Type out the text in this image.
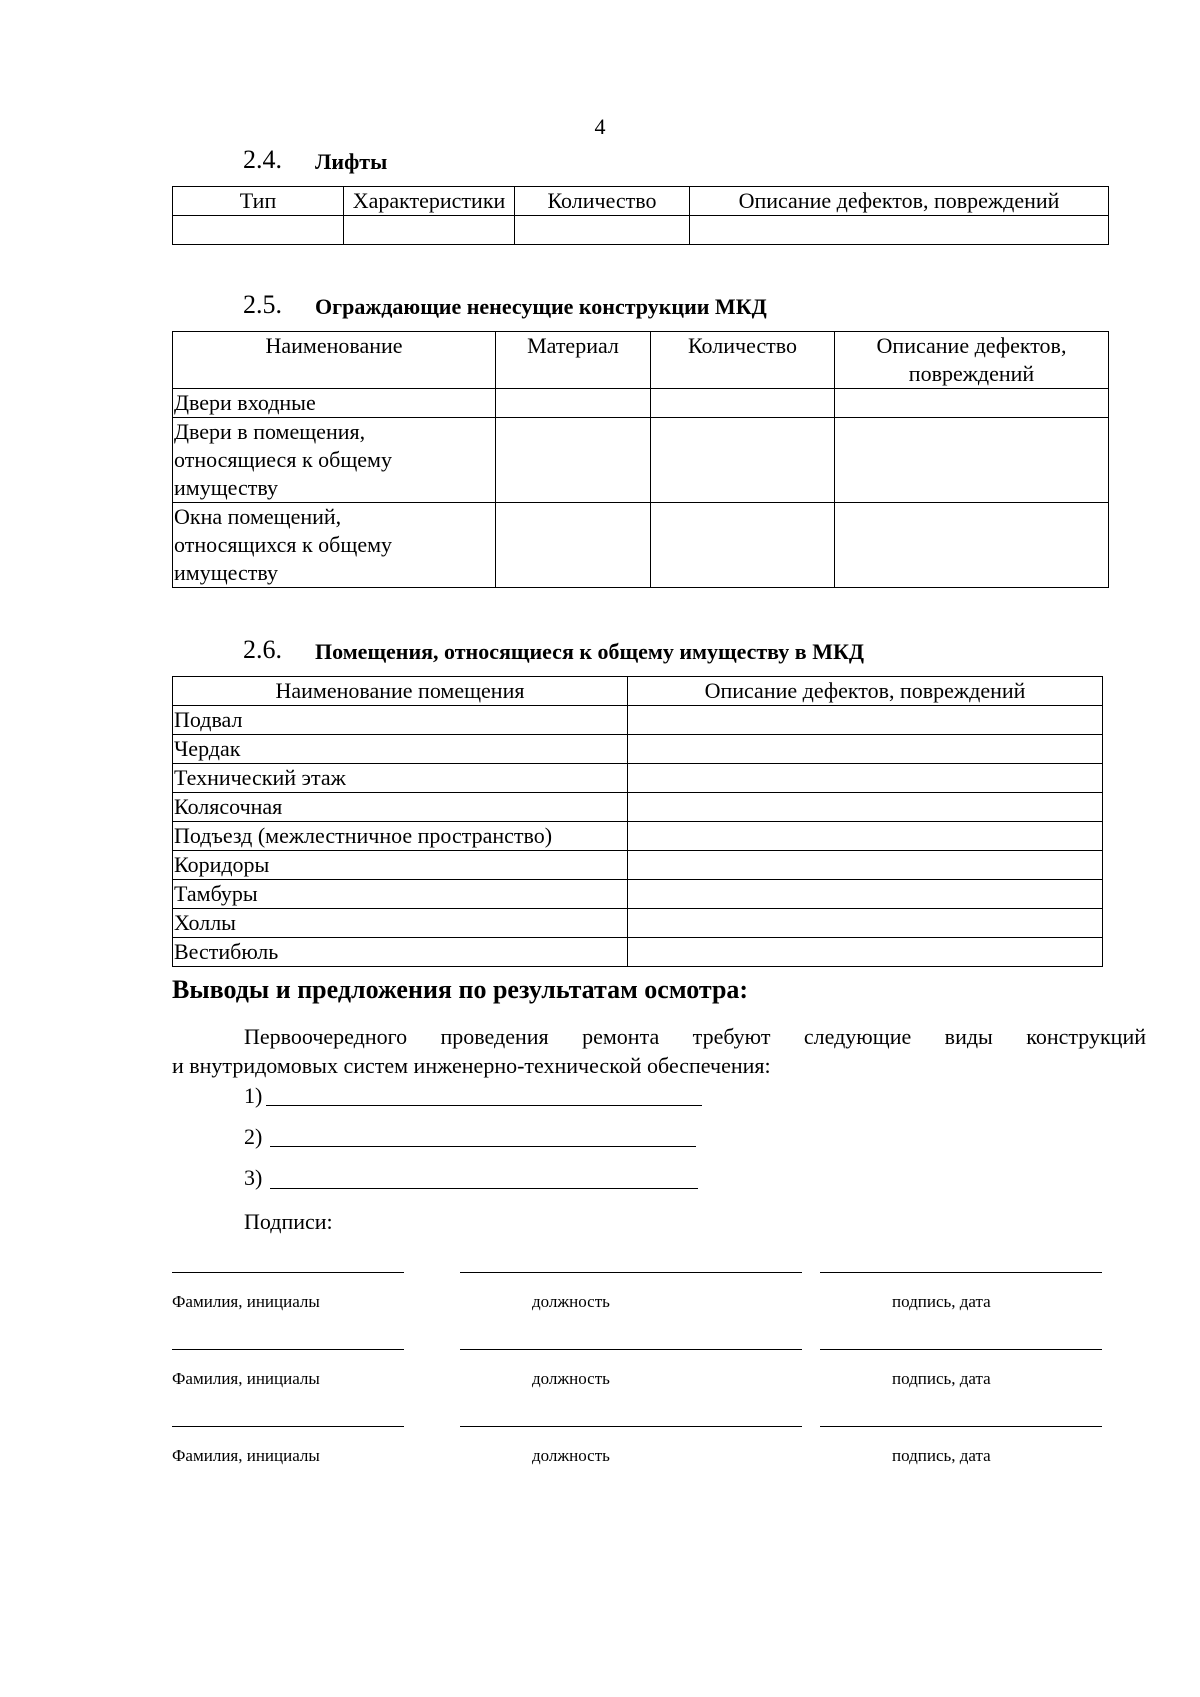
4
2.4. Лифты
Тип	Характеристики	Количество	Описание дефектов, повреждений

2.5. Ограждающие ненесущие конструкции МКД
Наименование	Материал	Количество	Описание дефектов,
повреждений

Двери входные			

Двери в помещения,
относящиеся к общему
имуществу			

Окна помещений,
относящихся к общему
имуществу			

2.6. Помещения, относящиеся к общему имуществу в МКД
Наименование помещения	Описание дефектов, повреждений
Подвал	
Чердак	
Технический этаж	
Колясочная	
Подъезд (межлестничное пространство)	
Коридоры	
Тамбуры	
Холлы	
Вестибюль	
Выводы и предложения по результатам осмотра:
Первоочередного проведения ремонта требуют следующие виды конструкций
и внутридомовых систем инженерно-технической обеспечения:
1)
2)
3)
Подписи:
Фамилия, инициалы	должность	подпись, дата
Фамилия, инициалы	должность	подпись, дата
Фамилия, инициалы	должность	подпись, дата
